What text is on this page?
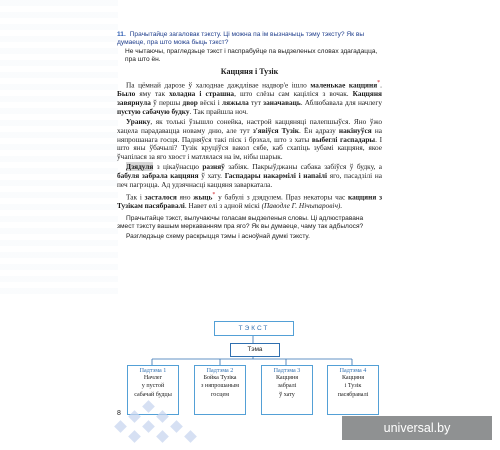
11. Прачытайце загаловак тэксту. Ці можна па ім вызначыць тэму тэксту? Як вы думаеце, пра што можа быць тэкст?
Не чытаючы, прагледзьце тэкст і паспрабуйце па выдзеленых словах здагадацца, пра што ён.
Каццяня і Тузік

Па цёмнай дарозе ў халоднае даждлівае надвор'е ішло маленькае каццяня*. Было яму так холадна і страшна, што слёзы сам каціліся з вочак. Каццяня завярнула ў першы двор вёскі і ляжыла тут заначаваць. Аблюбавала для начлегу пустую сабачую будку. Так прайшла ноч.

Уранку, як толькі ўзышло сонейка, настрой каццяняці палепшыўся. Яно ўжо хацела парадавацца новаму дню, але тут з'явіўся Тузік. Ён адразу накінуўся на няпрошанага госця. Падняўся такі піск і брэхал, што з хаты выбеглі гаспадары. І што яны ўбачылі? Тузік круціўся вакол сябе, каб схапіць зубамі каццяня, якое ўчапілася за яго хвост і матлялася на ім, нібы шарык.

Дзядуля з цікаўнасцю разняў забіяк. Пакрыўджаны сабака забіўся ў будку, а бабуля забрала каццяня ў хату. Гаспадары накармілі і напаілі яго, пасадзілі на печ пагрэцца. Ад удзячнасці каццяня заваркатала.

Так і засталося яно жыць* у бабулі з дзядулем. Праз некаторы час каццяня з Тузікам пасябравалі. Навет елі з адной міскі (Паводле Г. Нічыпаровіч).

Прачытайце тэкст, вылучаючы голасам выдзеленыя словы. Ці адлюстравана змест тэксту вашым меркаванням пра яго? Як вы думаеце, чаму так адбылося?

Разгледзьце схему раскрыцця тэмы і асноўнай думкі тэксту.

ТЭКСТ
Тэма
Падтэма 1
Начлег
у пустой
сабачай будцы
Падтэма 2
Бойка Тузіка
з няпрошаным
госцем
Падтэма 3
Каццяня
забралі
ў хату
Падтэма 4
Каццяня
і Тузік
пасябравалі
8
universal.by
